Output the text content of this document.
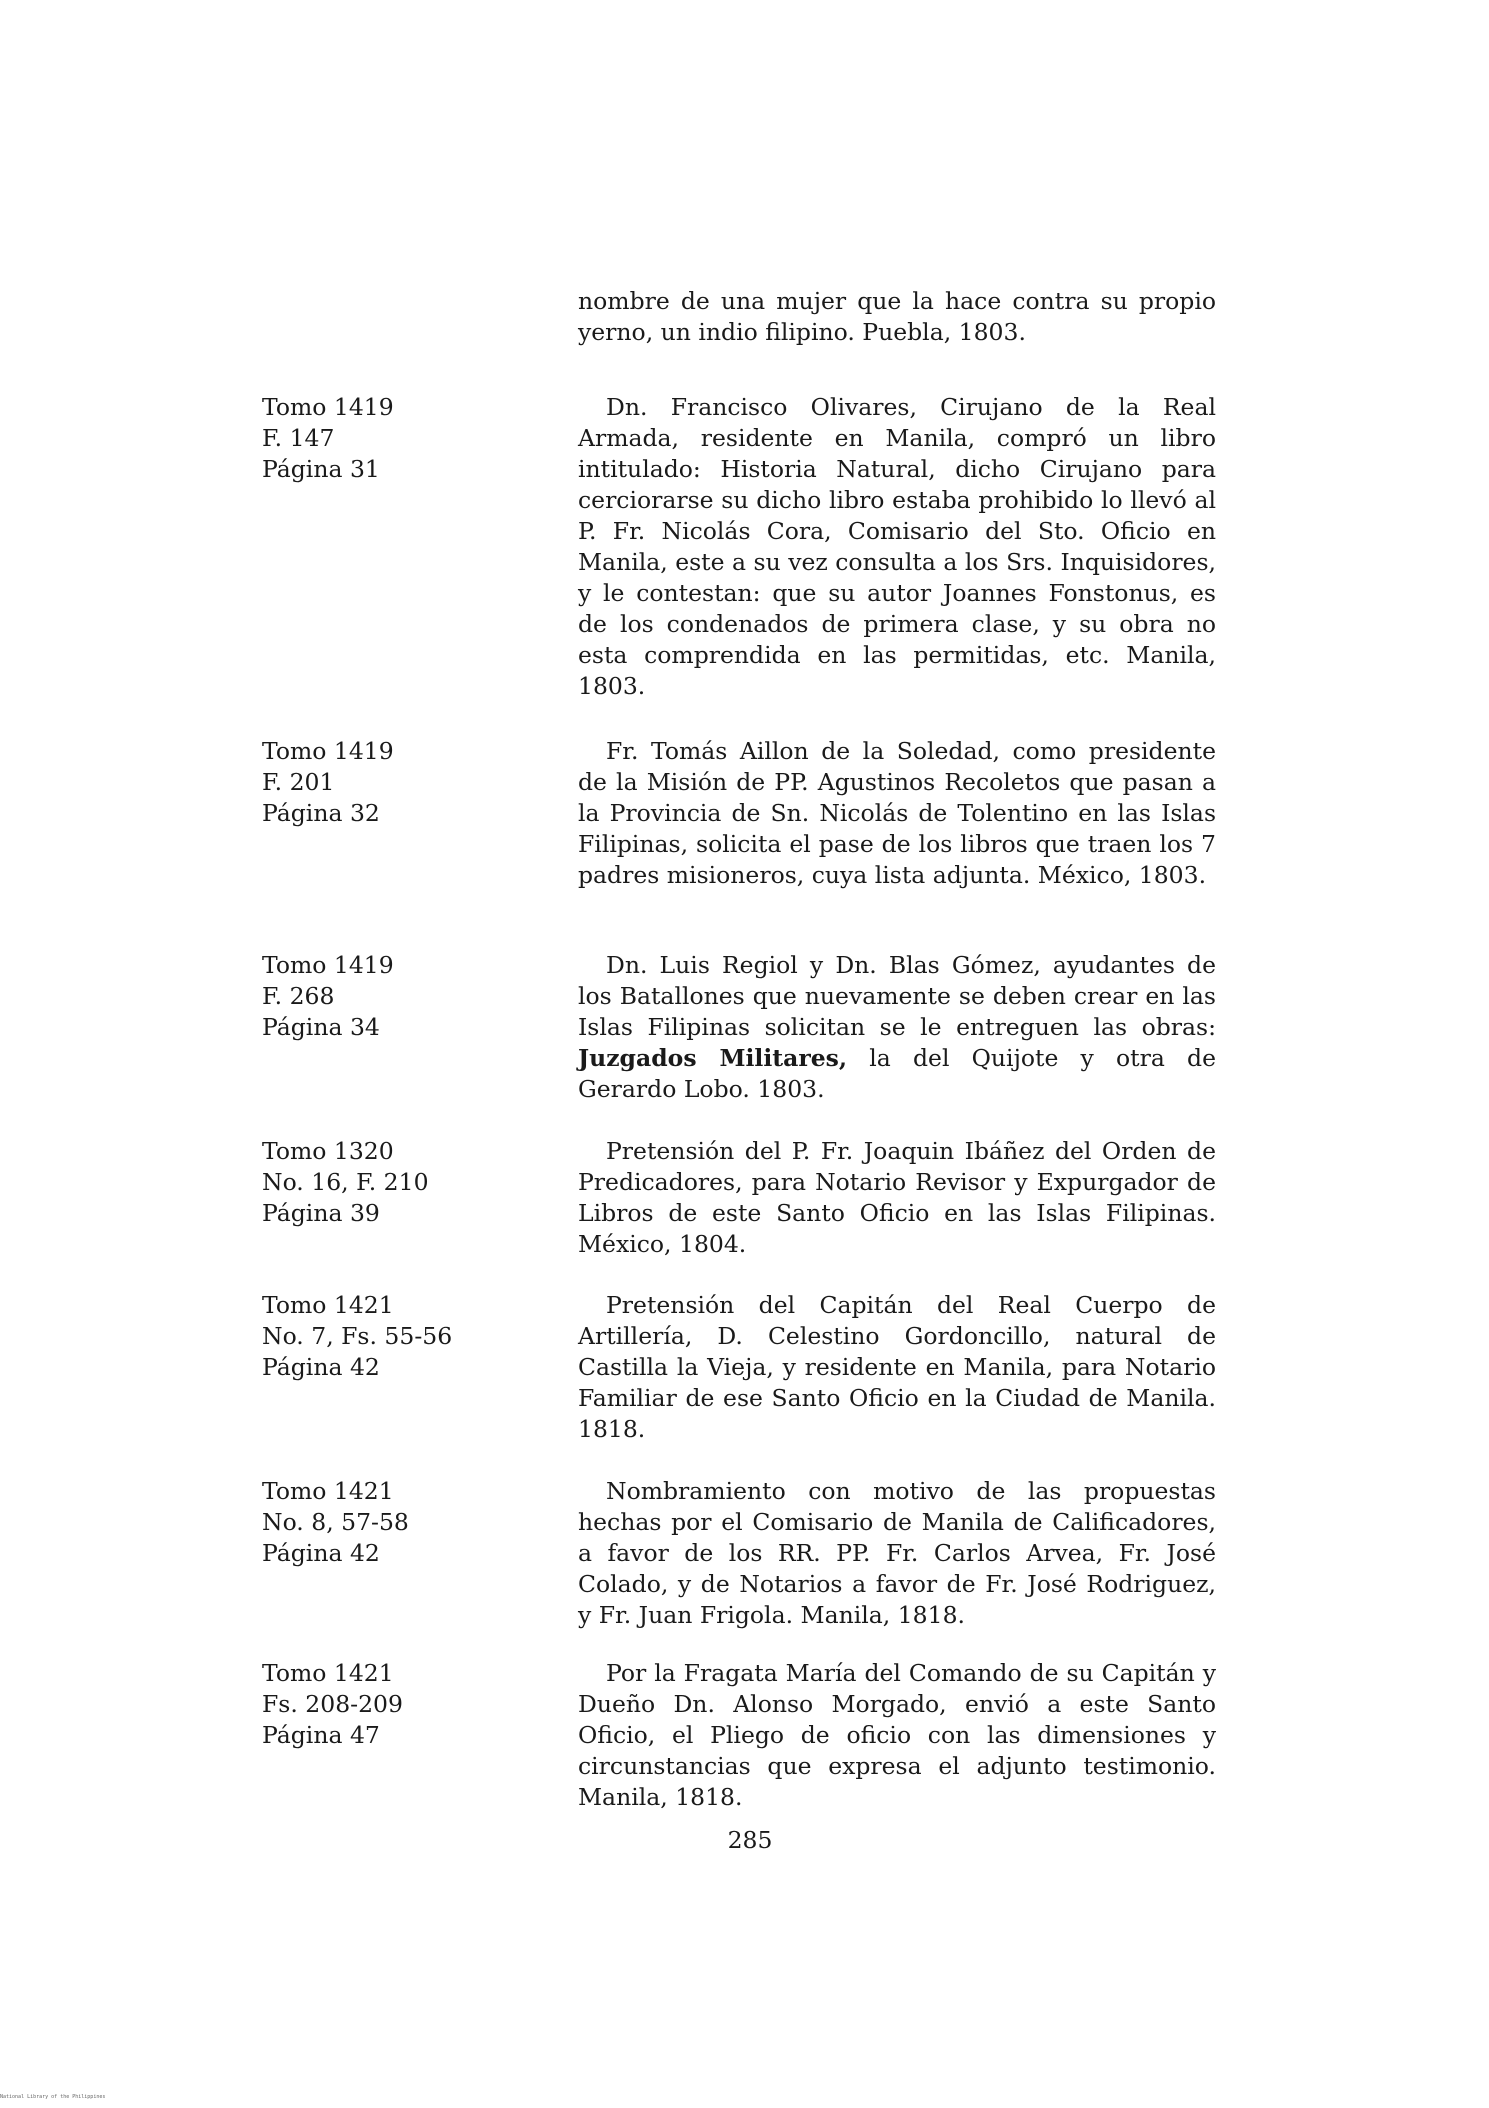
nombre de una mujer que la hace contra su propio yerno, un indio filipino. Puebla, 1803.

Tomo 1419
F. 147
Página 31

Dn. Francisco Olivares, Cirujano de la Real Armada, residente en Manila, compró un libro intitulado: Historia Natural, dicho Cirujano para cerciorarse su dicho libro estaba prohibido lo llevó al P. Fr. Nicolás Cora, Comisario del Sto. Oficio en Manila, este a su vez consulta a los Srs. Inquisidores, y le contestan: que su autor Joannes Fonstonus, es de los condenados de primera clase, y su obra no esta comprendida en las permitidas, etc. Manila, 1803.

Tomo 1419
F. 201
Página 32

Fr. Tomás Aillon de la Soledad, como presidente de la Misión de PP. Agustinos Recoletos que pasan a la Provincia de Sn. Nicolás de Tolentino en las Islas Filipinas, solicita el pase de los libros que traen los 7 padres misioneros, cuya lista adjunta. México, 1803.

Tomo 1419
F. 268
Página 34

Dn. Luis Regiol y Dn. Blas Gómez, ayudantes de los Batallones que nuevamente se deben crear en las Islas Filipinas solicitan se le entreguen las obras: Juzgados Militares, la del Quijote y otra de Gerardo Lobo. 1803.

Tomo 1320
No. 16, F. 210
Página 39

Pretensión del P. Fr. Joaquin Ibáñez del Orden de Predicadores, para Notario Revisor y Expurgador de Libros de este Santo Oficio en las Islas Filipinas. México, 1804.

Tomo 1421
No. 7, Fs. 55-56
Página 42

Pretensión del Capitán del Real Cuerpo de Artillería, D. Celestino Gordoncillo, natural de Castilla la Vieja, y residente en Manila, para Notario Familiar de ese Santo Oficio en la Ciudad de Manila. 1818.

Tomo 1421
No. 8, 57-58
Página 42

Nombramiento con motivo de las propuestas hechas por el Comisario de Manila de Calificadores, a favor de los RR. PP. Fr. Carlos Arvea, Fr. José Colado, y de Notarios a favor de Fr. José Rodriguez, y Fr. Juan Frigola. Manila, 1818.

Tomo 1421
Fs. 208-209
Página 47

Por la Fragata María del Comando de su Capitán y Dueño Dn. Alonso Morgado, envió a este Santo Oficio, el Pliego de oficio con las dimensiones y circunstancias que expresa el adjunto testimonio. Manila, 1818.

285

National Library of the Philippines
